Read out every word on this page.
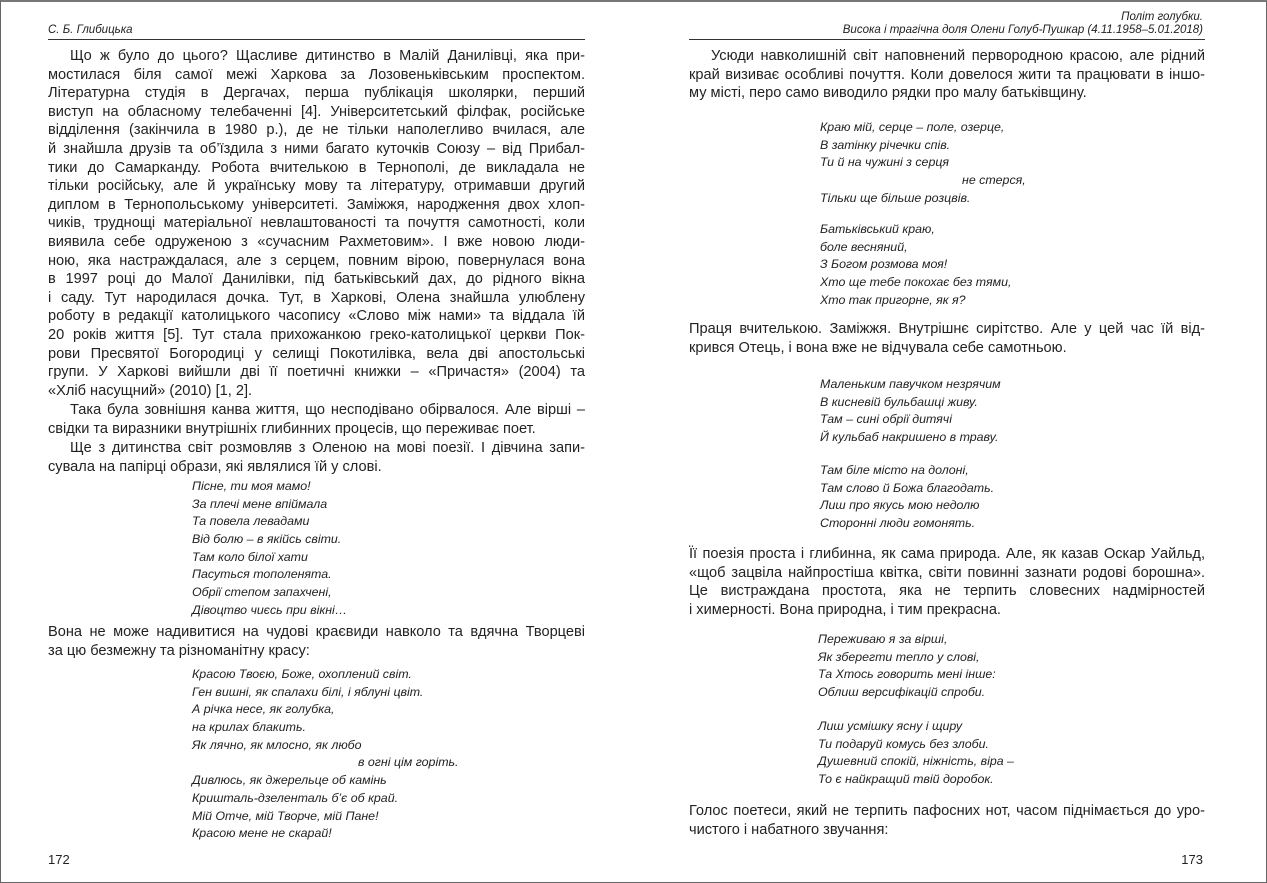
С. Б. Глибицька
Що ж було до цього? Щасливе дитинство в Малій Данилівці, яка при-
мостилася біля самої межі Харкова за Лозовеньківським проспектом.
Літературна студія в Дергачах, перша публікація школярки, перший
виступ на обласному телебаченні [4]. Університетський філфак, російське
відділення (закінчила в 1980 р.), де не тільки наполегливо вчилася, але
й знайшла друзів та об’їздила з ними багато куточків Союзу – від Прибал-
тики до Самарканду. Робота вчителькою в Тернополі, де викладала не
тільки російську, але й українську мову та літературу, отримавши другий
диплом в Тернопольському університеті. Заміжжя, народження двох хлоп-
чиків, труднощі матеріальної невлаштованості та почуття самотності, коли
виявила себе одруженою з «сучасним Рахметовим». І вже новою люди-
ною, яка настраждалася, але з серцем, повним вірою, повернулася вона
в 1997 році до Малої Данилівки, під батьківський дах, до рідного вікна
і саду. Тут народилася дочка. Тут, в Харкові, Олена знайшла улюблену
роботу в редакції католицького часопису «Слово між нами» та віддала їй
20 років життя [5]. Тут стала прихожанкою греко-католицької церкви Пок-
рови Пресвятої Богородиці у селищі Покотилівка, вела дві апостольські
групи. У Харкові вийшли дві її поетичні книжки – «Причастя» (2004) та
«Хліб насущний» (2010) [1, 2].
Така була зовнішня канва життя, що несподівано обірвалося. Але вірші –
свідки та виразники внутрішніх глибинних процесів, що переживає поет.
Ще з дитинства світ розмовляв з Оленою на мові поезії. І дівчина запи-
сувала на папірці образи, які являлися їй у слові.
Пісне, ти моя мамо!
За плечі мене впіймала
Та повела левадами
Від болю – в якійсь світи.
Там коло білої хати
Пасуться тополенята.
Обрії степом запахчені,
Дівоцтво чиєсь при вікні…
Вона не може надивитися на чудові краєвиди навколо та вдячна Творцеві
за цю безмежну та різноманітну красу:
Красою Твоєю, Боже, охоплений світ.
Ген вишні, як спалахи білі, і яблуні цвіт.
А річка несе, як голубка,
на крилах блакить.
Як лячно, як млосно, як любо
в огні цім горіть.
Дивлюсь, як джерельце об камінь
Кришталь-дзеленталь б’є об край.
Мій Отче, мій Творче, мій Пане!
Красою мене не скарай!
172
Політ голубки.
Висока і трагічна доля Олени Голуб-Пушкар (4.11.1958–5.01.2018)
Усюди навколишній світ наповнений первородною красою, але рідний
край визиває особливі почуття. Коли довелося жити та працювати в іншо-
му місті, перо само виводило рядки про малу батьківщину.
Краю мій, серце – поле, озерце,
В затінку річечки спів.
Ти й на чужині з серця
не стерся,
Тільки ще більше розцвів.
Батьківський краю,
боле весняний,
З Богом розмова моя!
Хто ще тебе покохає без тями,
Хто так пригорне, як я?
Праця вчителькою. Заміжжя. Внутрішнє сирітство. Але у цей час їй від-
крився Отець, і вона вже не відчувала себе самотньою.
Маленьким павучком незрячим
В кисневій бульбашці живу.
Там – сині обрії дитячі
Й кульбаб накришено в траву.
Там біле місто на долоні,
Там слово й Божа благодать.
Лиш про якусь мою недолю
Сторонні люди гомонять.
Її поезія проста і глибинна, як сама природа. Але, як казав Оскар Уайльд,
«щоб зацвіла найпростіша квітка, світи повинні зазнати родові борошна».
Це вистраждана простота, яка не терпить словесних надмірностей
і химерності. Вона природна, і тим прекрасна.
Переживаю я за вірші,
Як зберегти тепло у слові,
Та Хтось говорить мені інше:
Облиш версифікацій спроби.
Лиш усмішку ясну і щиру
Ти подаруй комусь без злоби.
Душевний спокій, ніжність, віра –
То є найкращий твій доробок.
Голос поетеси, який не терпить пафосних нот, часом піднімається до уро-
чистого і набатного звучання:
173
